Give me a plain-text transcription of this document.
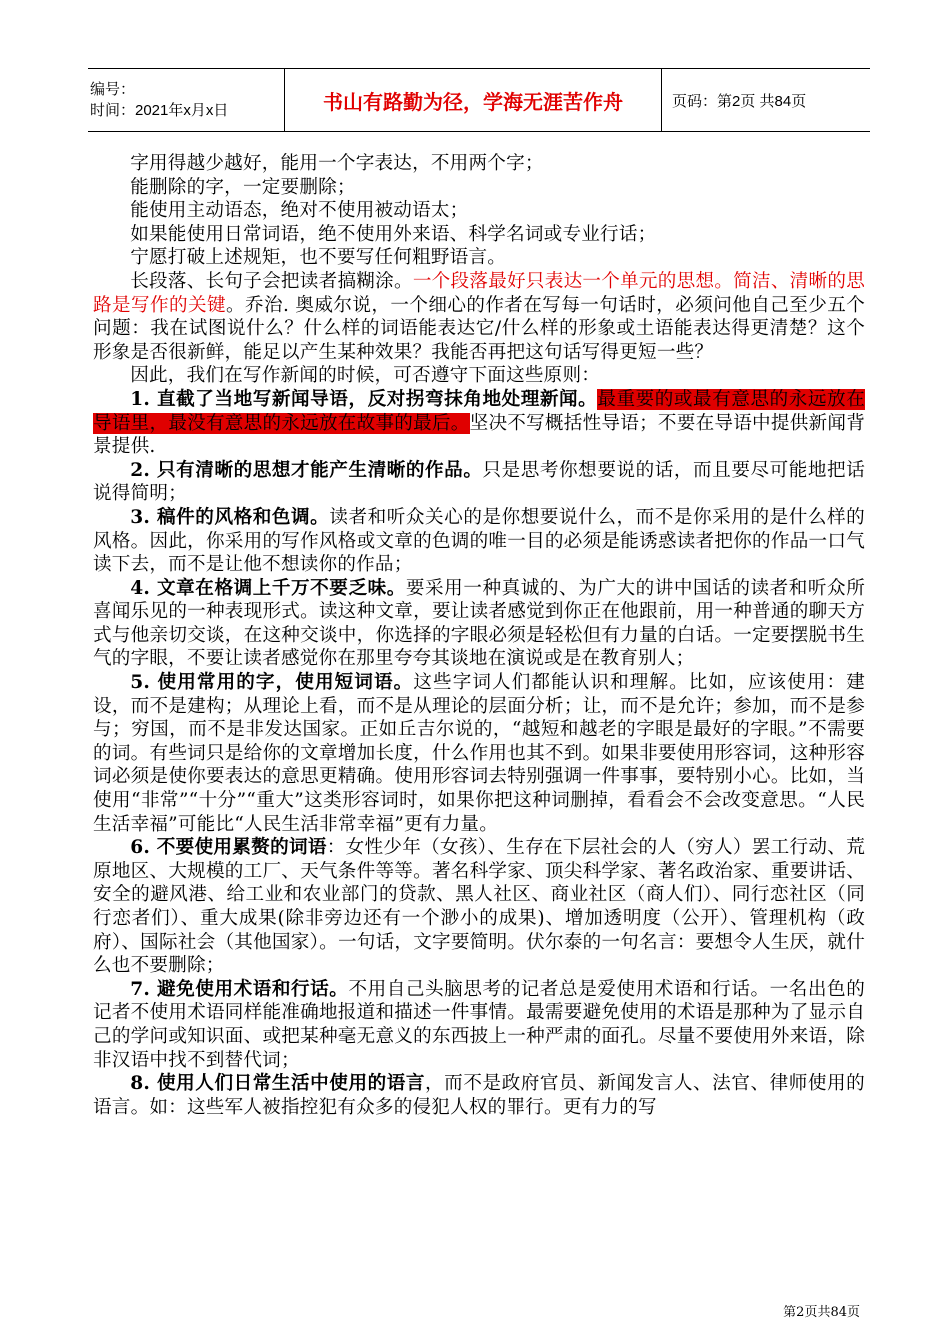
编号：
时间：2021年x月x日	书山有路勤为径，学海无涯苦作舟	页码：第2页 共84页

字用得越少越好，能用一个字表达，不用两个字；

能删除的字，一定要删除；

能使用主动语态，绝对不使用被动语太；

如果能使用日常词语，绝不使用外来语、科学名词或专业行话；

宁愿打破上述规矩，也不要写任何粗野语言。

长段落、长句子会把读者搞糊涂。一个段落最好只表达一个单元的思想。简洁、清晰的思路是写作的关键。乔治. 奥威尔说，一个细心的作者在写每一句话时，必须问他自己至少五个问题：我在试图说什么？什么样的词语能表达它/什么样的形象或土语能表达得更清楚？这个形象是否很新鲜，能足以产生某种效果？我能否再把这句话写得更短一些？

因此，我们在写作新闻的时候，可否遵守下面这些原则：

1. 直截了当地写新闻导语，反对拐弯抹角地处理新闻。最重要的或最有意思的永远放在导语里，最没有意思的永远放在故事的最后。坚决不写概括性导语；不要在导语中提供新闻背景提供.

2. 只有清晰的思想才能产生清晰的作品。只是思考你想要说的话，而且要尽可能地把话说得简明；

3. 稿件的风格和色调。读者和听众关心的是你想要说什么，而不是你采用的是什么样的风格。因此，你采用的写作风格或文章的色调的唯一目的必须是能诱惑读者把你的作品一口气读下去，而不是让他不想读你的作品；

4. 文章在格调上千万不要乏味。要采用一种真诚的、为广大的讲中国话的读者和听众所喜闻乐见的一种表现形式。读这种文章，要让读者感觉到你正在他跟前，用一种普通的聊天方式与他亲切交谈，在这种交谈中，你选择的字眼必须是轻松但有力量的白话。一定要摆脱书生气的字眼，不要让读者感觉你在那里夸夸其谈地在演说或是在教育别人；

5. 使用常用的字，使用短词语。这些字词人们都能认识和理解。比如，应该使用：建设，而不是建构；从理论上看，而不是从理论的层面分析；让，而不是允许；参加，而不是参与；穷国，而不是非发达国家。正如丘吉尔说的，“越短和越老的字眼是最好的字眼。”不需要的词。有些词只是给你的文章增加长度，什么作用也其不到。如果非要使用形容词，这种形容词必须是使你要表达的意思更精确。使用形容词去特别强调一件事事，要特别小心。比如，当使用“非常”“十分”“重大”这类形容词时，如果你把这种词删掉，看看会不会改变意思。“人民生活幸福”可能比“人民生活非常幸福”更有力量。

6. 不要使用累赘的词语：女性少年（女孩）、生存在下层社会的人（穷人）罢工行动、荒原地区、大规模的工厂、天气条件等等。著名科学家、顶尖科学家、著名政治家、重要讲话、安全的避风港、给工业和农业部门的贷款、黑人社区、商业社区（商人们）、同行恋社区（同行恋者们）、重大成果(除非旁边还有一个渺小的成果)、增加透明度（公开）、管理机构（政府）、国际社会（其他国家）。一句话，文字要简明。伏尔泰的一句名言：要想令人生厌，就什么也不要删除；

7. 避免使用术语和行话。不用自己头脑思考的记者总是爱使用术语和行话。一名出色的记者不使用术语同样能准确地报道和描述一件事情。最需要避免使用的术语是那种为了显示自己的学问或知识面、或把某种毫无意义的东西披上一种严肃的面孔。尽量不要使用外来语，除非汉语中找不到替代词；

8. 使用人们日常生活中使用的语言，而不是政府官员、新闻发言人、法官、律师使用的语言。如：这些军人被指控犯有众多的侵犯人权的罪行。更有力的写

第2页共84页
